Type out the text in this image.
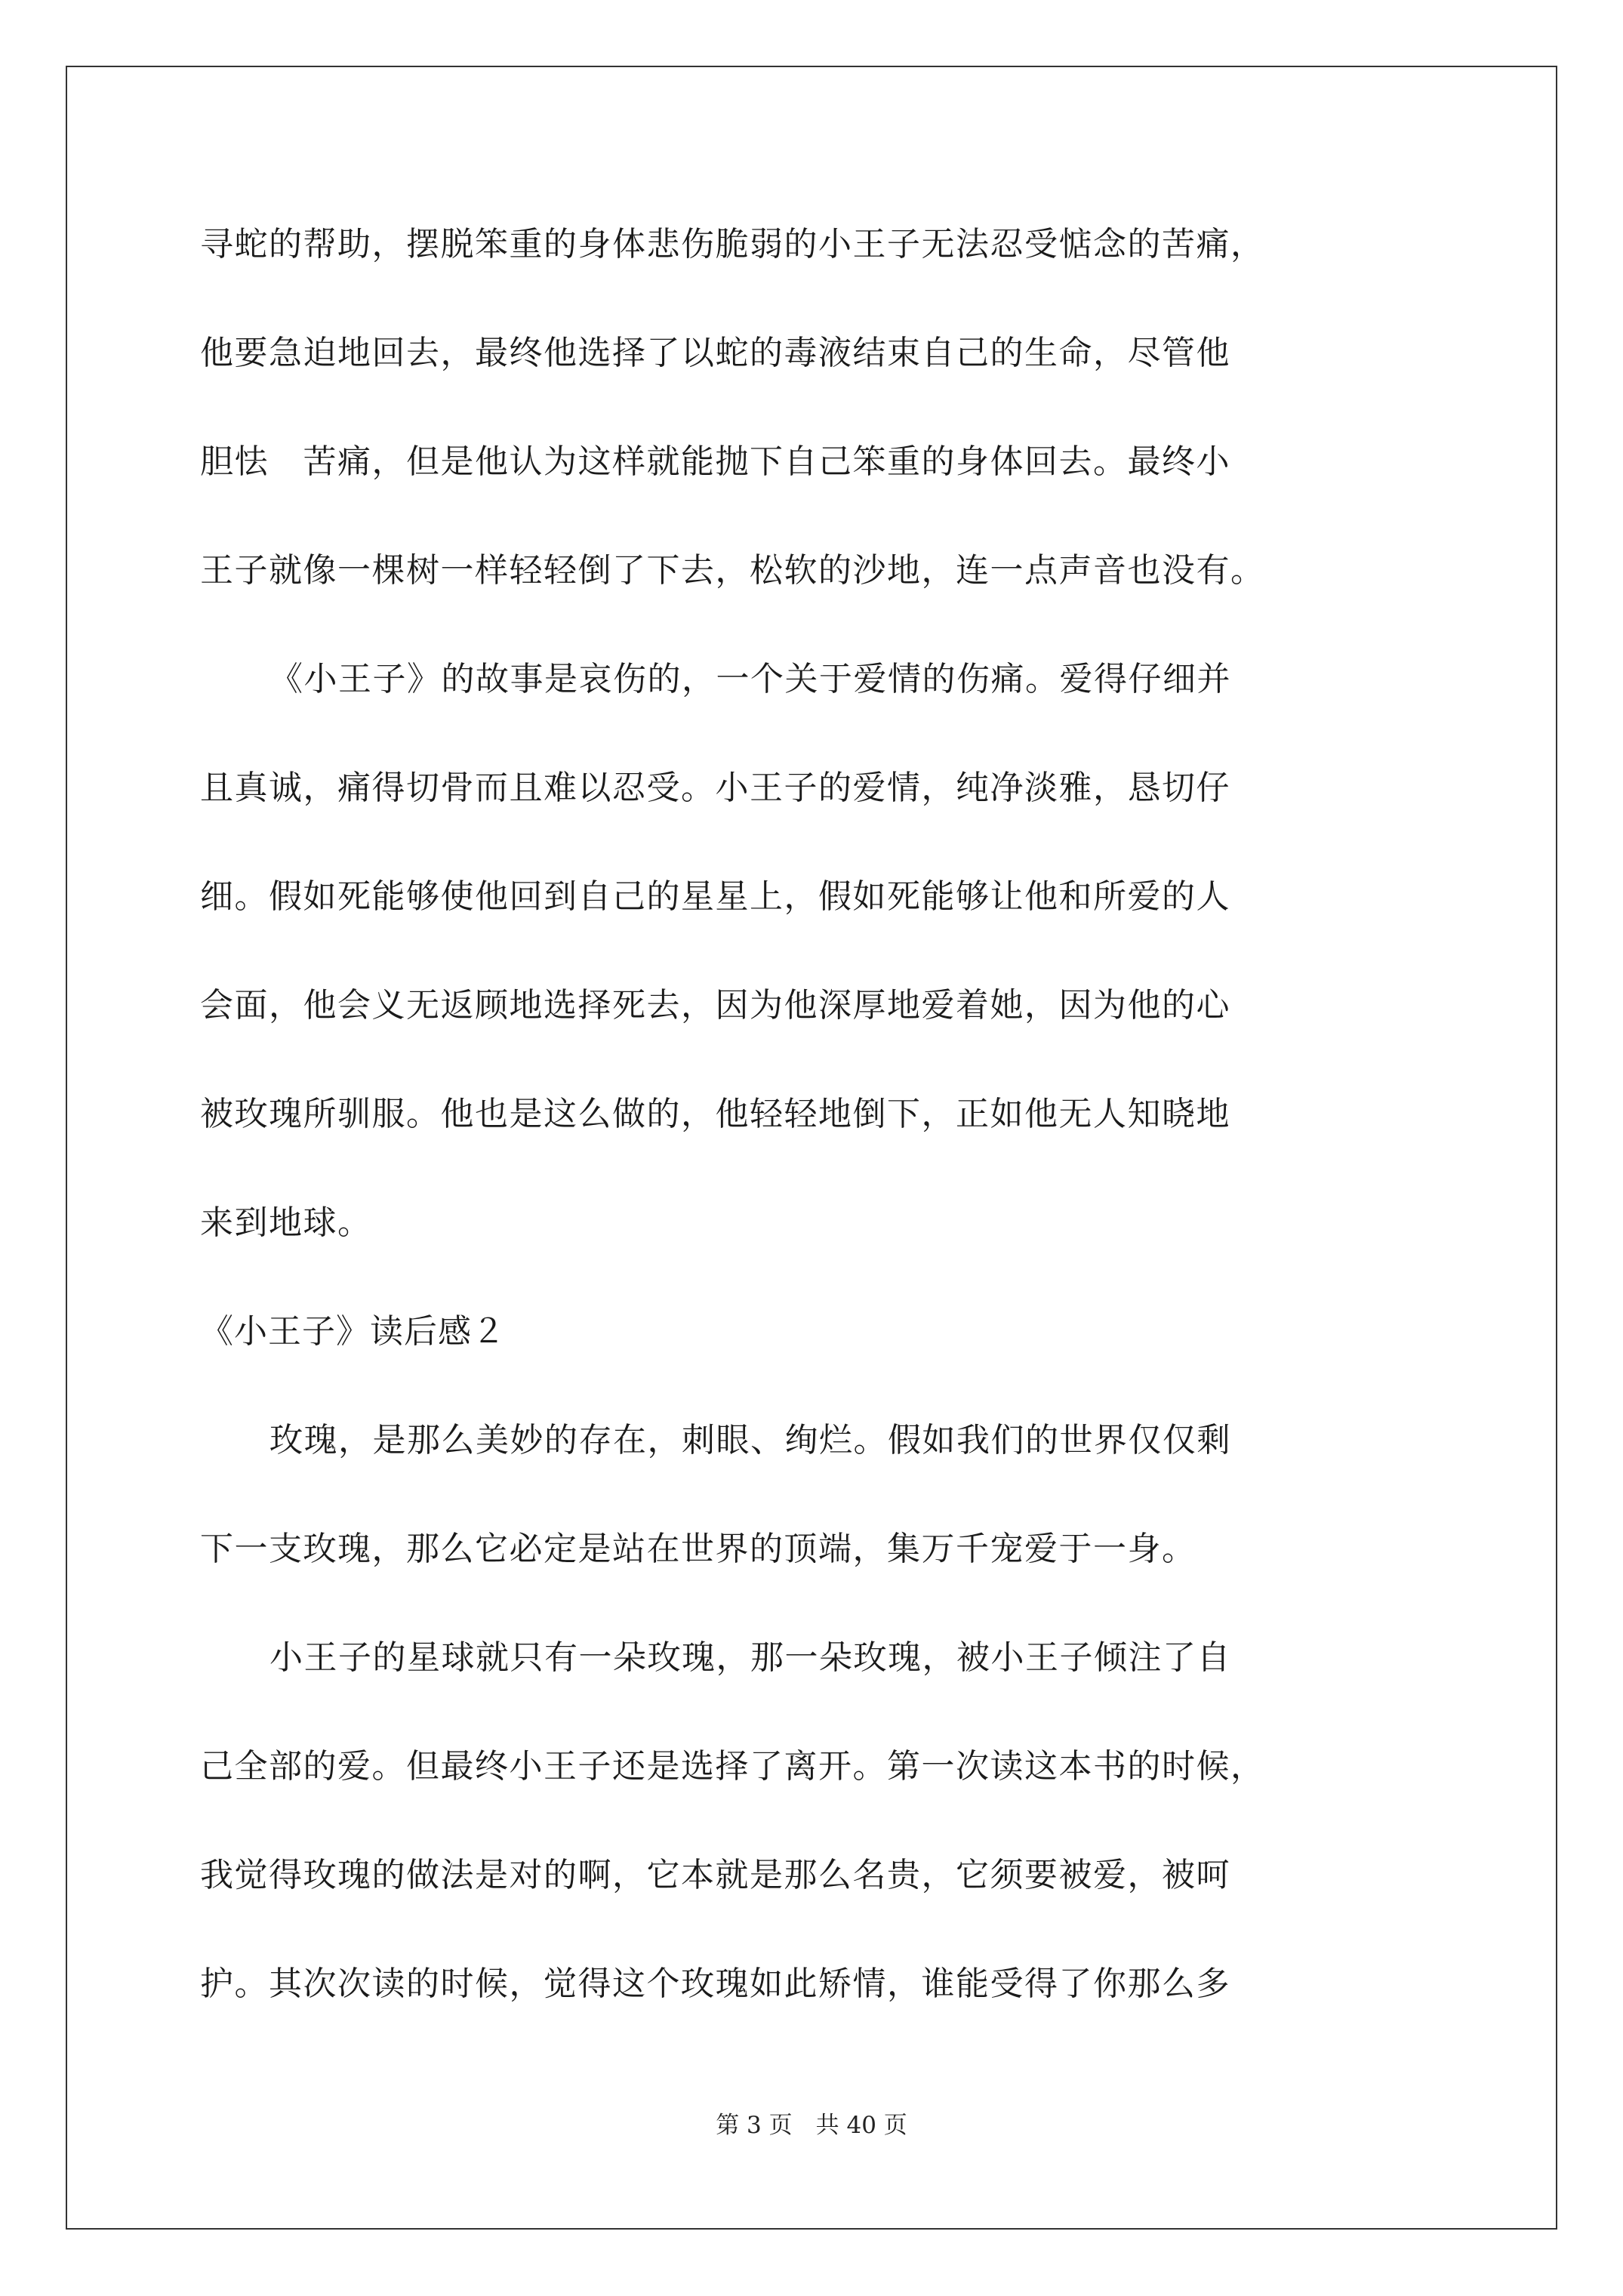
寻蛇的帮助，摆脱笨重的身体悲伤脆弱的小王子无法忍受惦念的苦痛，

他要急迫地回去，最终他选择了以蛇的毒液结束自己的生命，尽管他

胆怯　苦痛，但是他认为这样就能抛下自己笨重的身体回去。最终小

王子就像一棵树一样轻轻倒了下去，松软的沙地，连一点声音也没有。

《小王子》的故事是哀伤的，一个关于爱情的伤痛。爱得仔细并

且真诚，痛得切骨而且难以忍受。小王子的爱情，纯净淡雅，恳切仔

细。假如死能够使他回到自己的星星上，假如死能够让他和所爱的人

会面，他会义无返顾地选择死去，因为他深厚地爱着她，因为他的心

被玫瑰所驯服。他也是这么做的，他轻轻地倒下，正如他无人知晓地

来到地球。

《小王子》读后感２

玫瑰，是那么美妙的存在，刺眼、绚烂。假如我们的世界仅仅剩

下一支玫瑰，那么它必定是站在世界的顶端，集万千宠爱于一身。

小王子的星球就只有一朵玫瑰，那一朵玫瑰，被小王子倾注了自

己全部的爱。但最终小王子还是选择了离开。第一次读这本书的时候，

我觉得玫瑰的做法是对的啊，它本就是那么名贵，它须要被爱，被呵

护。其次次读的时候，觉得这个玫瑰如此矫情，谁能受得了你那么多

第 3 页　共 40 页
